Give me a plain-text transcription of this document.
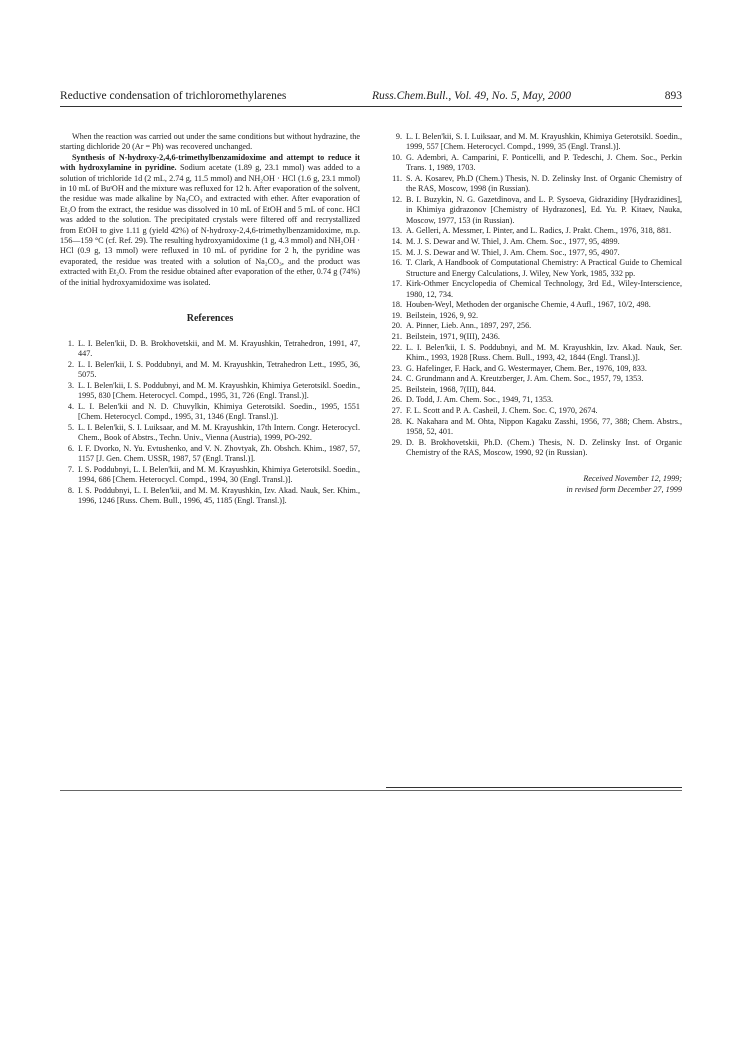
Reductive condensation of trichloromethylarenes	Russ.Chem.Bull., Vol. 49, No. 5, May, 2000	893

When the reaction was carried out under the same conditions but without hydrazine, the starting dichloride 20 (Ar = Ph) was recovered unchanged.

Synthesis of N-hydroxy-2,4,6-trimethylbenzamidoxime and attempt to reduce it with hydroxylamine in pyridine. Sodium acetate (1.89 g, 23.1 mmol) was added to a solution of trichloride 1d (2 mL, 2.74 g, 11.5 mmol) and NH₂OH · HCl (1.6 g, 23.1 mmol) in 10 mL of BuᵗOH and the mixture was refluxed for 12 h. After evaporation of the solvent, the residue was made alkaline by Na₂CO₃ and extracted with ether. After evaporation of Et₂O from the extract, the residue was dissolved in 10 mL of EtOH and 5 mL of conc. HCl was added to the solution. The precipitated crystals were filtered off and recrystallized from EtOH to give 1.11 g (yield 42%) of N-hydroxy-2,4,6-trimethylbenzamidoxime, m.p. 156—159 °C (cf. Ref. 29). The resulting hydroxyamidoxime (1 g, 4.3 mmol) and NH₂OH · HCl (0.9 g, 13 mmol) were refluxed in 10 mL of pyridine for 2 h, the pyridine was evaporated, the residue was treated with a solution of Na₂CO₃, and the product was extracted with Et₂O. From the residue obtained after evaporation of the ether, 0.74 g (74%) of the initial hydroxyamidoxime was isolated.

References
1. L. I. Belen'kii, D. B. Brokhovetskii, and M. M. Krayushkin, Tetrahedron, 1991, 47, 447.
2. L. I. Belen'kii, I. S. Poddubnyi, and M. M. Krayushkin, Tetrahedron Lett., 1995, 36, 5075.
3. L. I. Belen'kii, I. S. Poddubnyi, and M. M. Krayushkin, Khimiya Geterotsikl. Soedin., 1995, 830 [Chem. Heterocycl. Compd., 1995, 31, 726 (Engl. Transl.)].
4. L. I. Belen'kii and N. D. Chuvylkin, Khimiya Geterotsikl. Soedin., 1995, 1551 [Chem. Heterocycl. Compd., 1995, 31, 1346 (Engl. Transl.)].
5. L. I. Belen'kii, S. I. Luiksaar, and M. M. Krayushkin, 17th Intern. Congr. Heterocycl. Chem., Book of Abstrs., Techn. Univ., Vienna (Austria), 1999, PO-292.
6. I. F. Dvorko, N. Yu. Evtushenko, and V. N. Zhovtyak, Zh. Obshch. Khim., 1987, 57, 1157 [J. Gen. Chem. USSR, 1987, 57 (Engl. Transl.)].
7. I. S. Poddubnyi, L. I. Belen'kii, and M. M. Krayushkin, Khimiya Geterotsikl. Soedin., 1994, 686 [Chem. Heterocycl. Compd., 1994, 30 (Engl. Transl.)].
8. I. S. Poddubnyi, L. I. Belen'kii, and M. M. Krayushkin, Izv. Akad. Nauk, Ser. Khim., 1996, 1246 [Russ. Chem. Bull., 1996, 45, 1185 (Engl. Transl.)].
9. L. I. Belen'kii, S. I. Luiksaar, and M. M. Krayushkin, Khimiya Geterotsikl. Soedin., 1999, 557 [Chem. Heterocycl. Compd., 1999, 35 (Engl. Transl.)].
10. G. Adembri, A. Camparini, F. Ponticelli, and P. Tedeschi, J. Chem. Soc., Perkin Trans. 1, 1989, 1703.
11. S. A. Kosarev, Ph.D (Chem.) Thesis, N. D. Zelinsky Inst. of Organic Chemistry of the RAS, Moscow, 1998 (in Russian).
12. B. I. Buzykin, N. G. Gazetdinova, and L. P. Sysoeva, Gidrazidiny [Hydrazidines], in Khimiya gidrazonov [Chemistry of Hydrazones], Ed. Yu. P. Kitaev, Nauka, Moscow, 1977, 153 (in Russian).
13. A. Gelleri, A. Messmer, I. Pinter, and L. Radics, J. Prakt. Chem., 1976, 318, 881.
14. M. J. S. Dewar and W. Thiel, J. Am. Chem. Soc., 1977, 95, 4899.
15. M. J. S. Dewar and W. Thiel, J. Am. Chem. Soc., 1977, 95, 4907.
16. T. Clark, A Handbook of Computational Chemistry: A Practical Guide to Chemical Structure and Energy Calculations, J. Wiley, New York, 1985, 332 pp.
17. Kirk-Othmer Encyclopedia of Chemical Technology, 3rd Ed., Wiley-Interscience, 1980, 12, 734.
18. Houben-Weyl, Methoden der organische Chemie, 4 Aufl., 1967, 10/2, 498.
19. Beilstein, 1926, 9, 92.
20. A. Pinner, Lieb. Ann., 1897, 297, 256.
21. Beilstein, 1971, 9(III), 2436.
22. L. I. Belen'kii, I. S. Poddubnyi, and M. M. Krayushkin, Izv. Akad. Nauk, Ser. Khim., 1993, 1928 [Russ. Chem. Bull., 1993, 42, 1844 (Engl. Transl.)].
23. G. Hafelinger, F. Hack, and G. Westermayer, Chem. Ber., 1976, 109, 833.
24. C. Grundmann and A. Kreutzberger, J. Am. Chem. Soc., 1957, 79, 1353.
25. Beilstein, 1968, 7(III), 844.
26. D. Todd, J. Am. Chem. Soc., 1949, 71, 1353.
27. F. L. Scott and P. A. Casheil, J. Chem. Soc. C, 1970, 2674.
28. K. Nakahara and M. Ohta, Nippon Kagaku Zasshi, 1956, 77, 388; Chem. Abstrs., 1958, 52, 401.
29. D. B. Brokhovetskii, Ph.D. (Chem.) Thesis, N. D. Zelinsky Inst. of Organic Chemistry of the RAS, Moscow, 1990, 92 (in Russian).
Received November 12, 1999;
in revised form December 27, 1999
